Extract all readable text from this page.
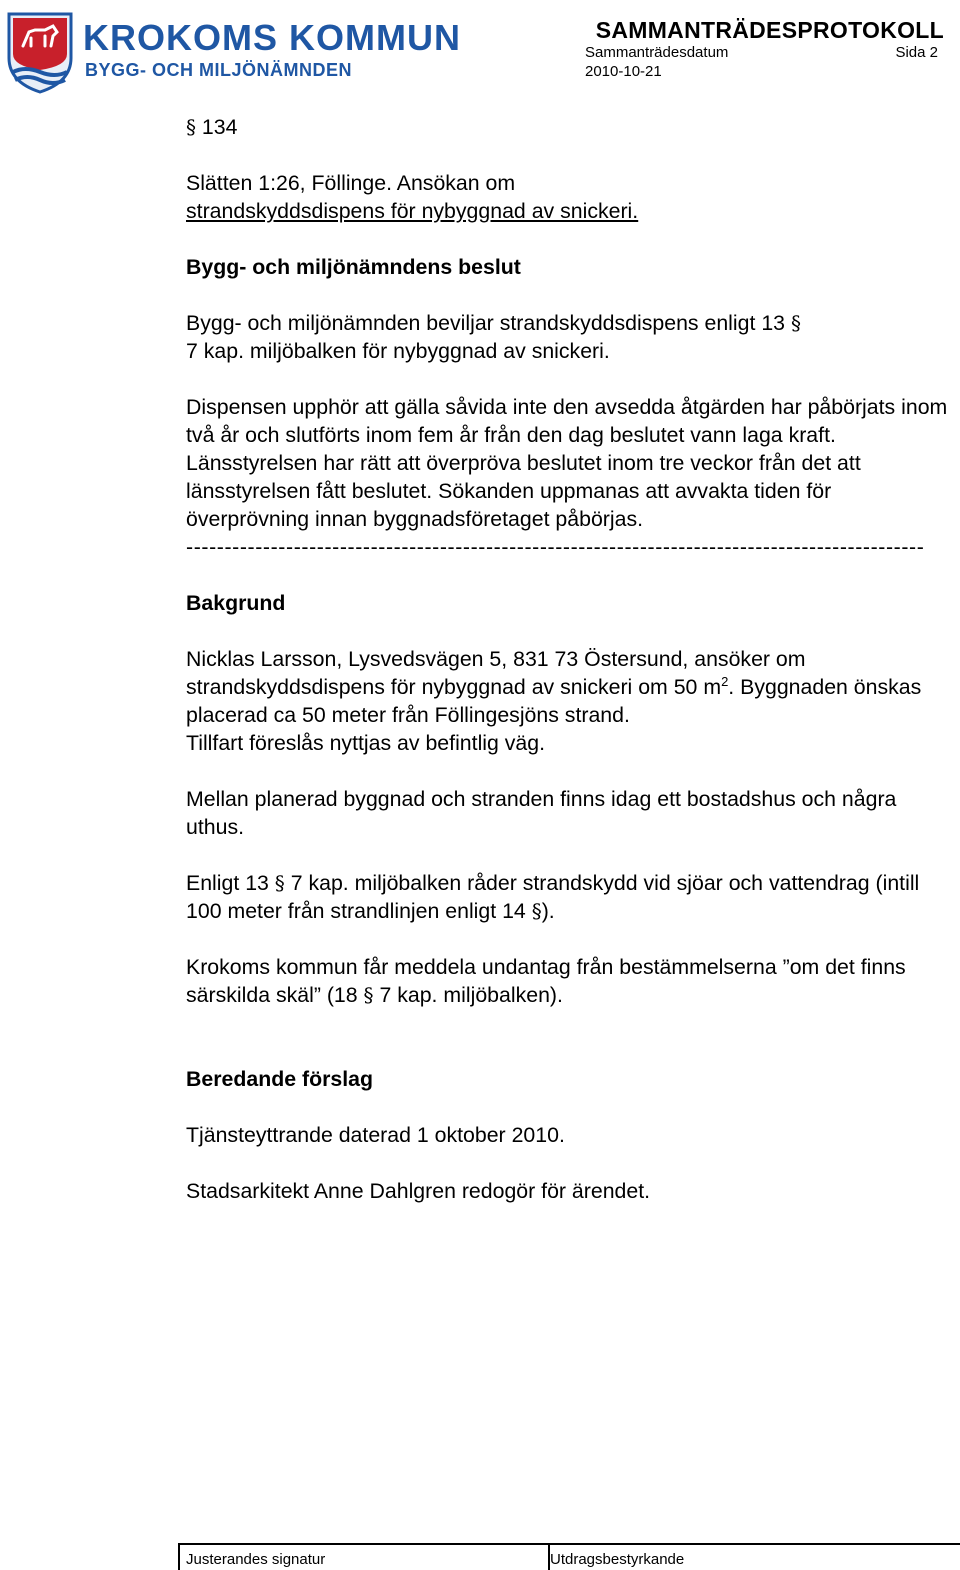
KROKOMS KOMMUN
BYGG- OCH MILJÖNÄMNDEN
SAMMANTRÄDESPROTOKOLL
Sammanträdesdatum	Sida 2
2010-10-21

§ 134

Slätten 1:26, Föllinge. Ansökan om

strandskyddsdispens för nybyggnad av snickeri.

Bygg- och miljönämndens beslut

Bygg- och miljönämnden beviljar strandskyddsdispens enligt 13 §
7 kap. miljöbalken för nybyggnad av snickeri.

Dispensen upphör att gälla såvida inte den avsedda åtgärden har påbörjats inom två år och slutförts inom fem år från den dag beslutet vann laga kraft. Länsstyrelsen har rätt att överpröva beslutet inom tre veckor från det att länsstyrelsen fått beslutet. Sökanden uppmanas att avvakta tiden för överprövning innan byggnadsföretaget påbörjas.

------------------------------------------------------------------------------------------------

Bakgrund

Nicklas Larsson, Lysvedsvägen 5, 831 73 Östersund, ansöker om strandskyddsdispens för nybyggnad av snickeri om 50 $m^2$. Byggnaden önskas placerad ca 50 meter från Föllingesjöns strand.
Tillfart föreslås nyttjas av befintlig väg.

Mellan planerad byggnad och stranden finns idag ett bostadshus och några uthus.

Enligt 13 § 7 kap. miljöbalken råder strandskydd vid sjöar och vattendrag (intill 100 meter från strandlinjen enligt 14 §).

Krokoms kommun får meddela undantag från bestämmelserna ”om det finns särskilda skäl” (18 § 7 kap. miljöbalken).

Beredande förslag

Tjänsteyttrande daterad 1 oktober 2010.

Stadsarkitekt Anne Dahlgren redogör för ärendet.

Justerandes signatur	Utdragsbestyrkande
